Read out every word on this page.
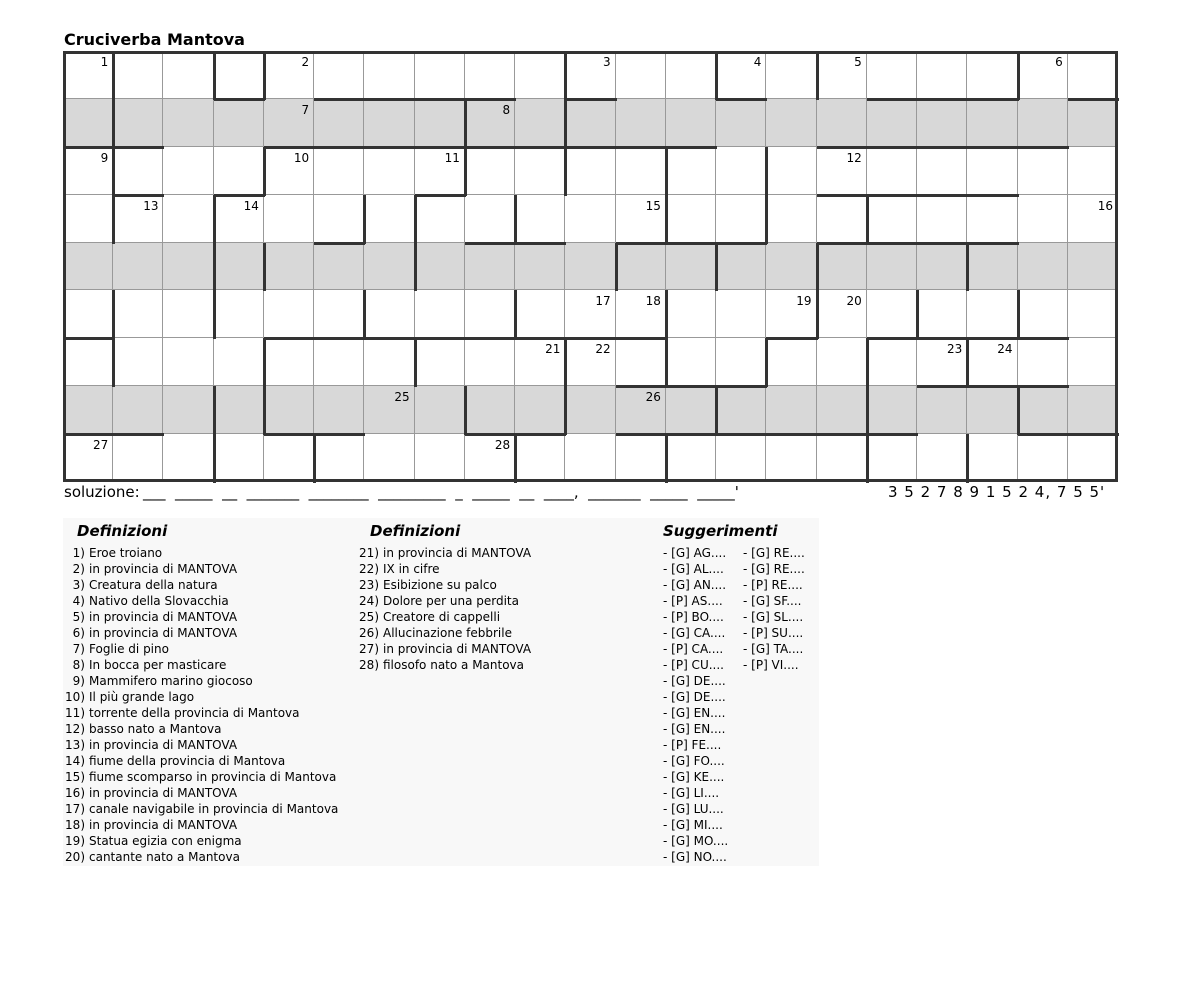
Cruciverba Mantova
1	2	3	4	5	6
7	8
9	10	11	12
13	14	15	16
17	18	19	20
21	22	23	24
25	26
27	28
soluzione: ___  _____  __  _______  ________  _________  _  _____  __  ____,  _______  _____  _____'	3 5 2 7 8 9 1 5 2 4, 7 5 5'
Definizioni
1) Eroe troiano
2) in provincia di MANTOVA
3) Creatura della natura
4) Nativo della Slovacchia
5) in provincia di MANTOVA
6) in provincia di MANTOVA
7) Foglie di pino
8) In bocca per masticare
9) Mammifero marino giocoso
10) Il più grande lago
11) torrente della provincia di Mantova
12) basso nato a Mantova
13) in provincia di MANTOVA
14) fiume della provincia di Mantova
15) fiume scomparso in provincia di Mantova
16) in provincia di MANTOVA
17) canale navigabile in provincia di Mantova
18) in provincia di MANTOVA
19) Statua egizia con enigma
20) cantante nato a Mantova
Definizioni
21) in provincia di MANTOVA
22) IX in cifre
23) Esibizione su palco
24) Dolore per una perdita
25) Creatore di cappelli
26) Allucinazione febbrile
27) in provincia di MANTOVA
28) filosofo nato a Mantova
Suggerimenti
- [G] AG....
- [G] AL....
- [G] AN....
- [P] AS....
- [P] BO....
- [G] CA....
- [P] CA....
- [P] CU....
- [G] DE....
- [G] DE....
- [G] EN....
- [G] EN....
- [P] FE....
- [G] FO....
- [G] KE....
- [G] LI....
- [G] LU....
- [G] MI....
- [G] MO....
- [G] NO....
- [G] RE....
- [G] RE....
- [P] RE....
- [G] SF....
- [G] SL....
- [P] SU....
- [G] TA....
- [P] VI....
